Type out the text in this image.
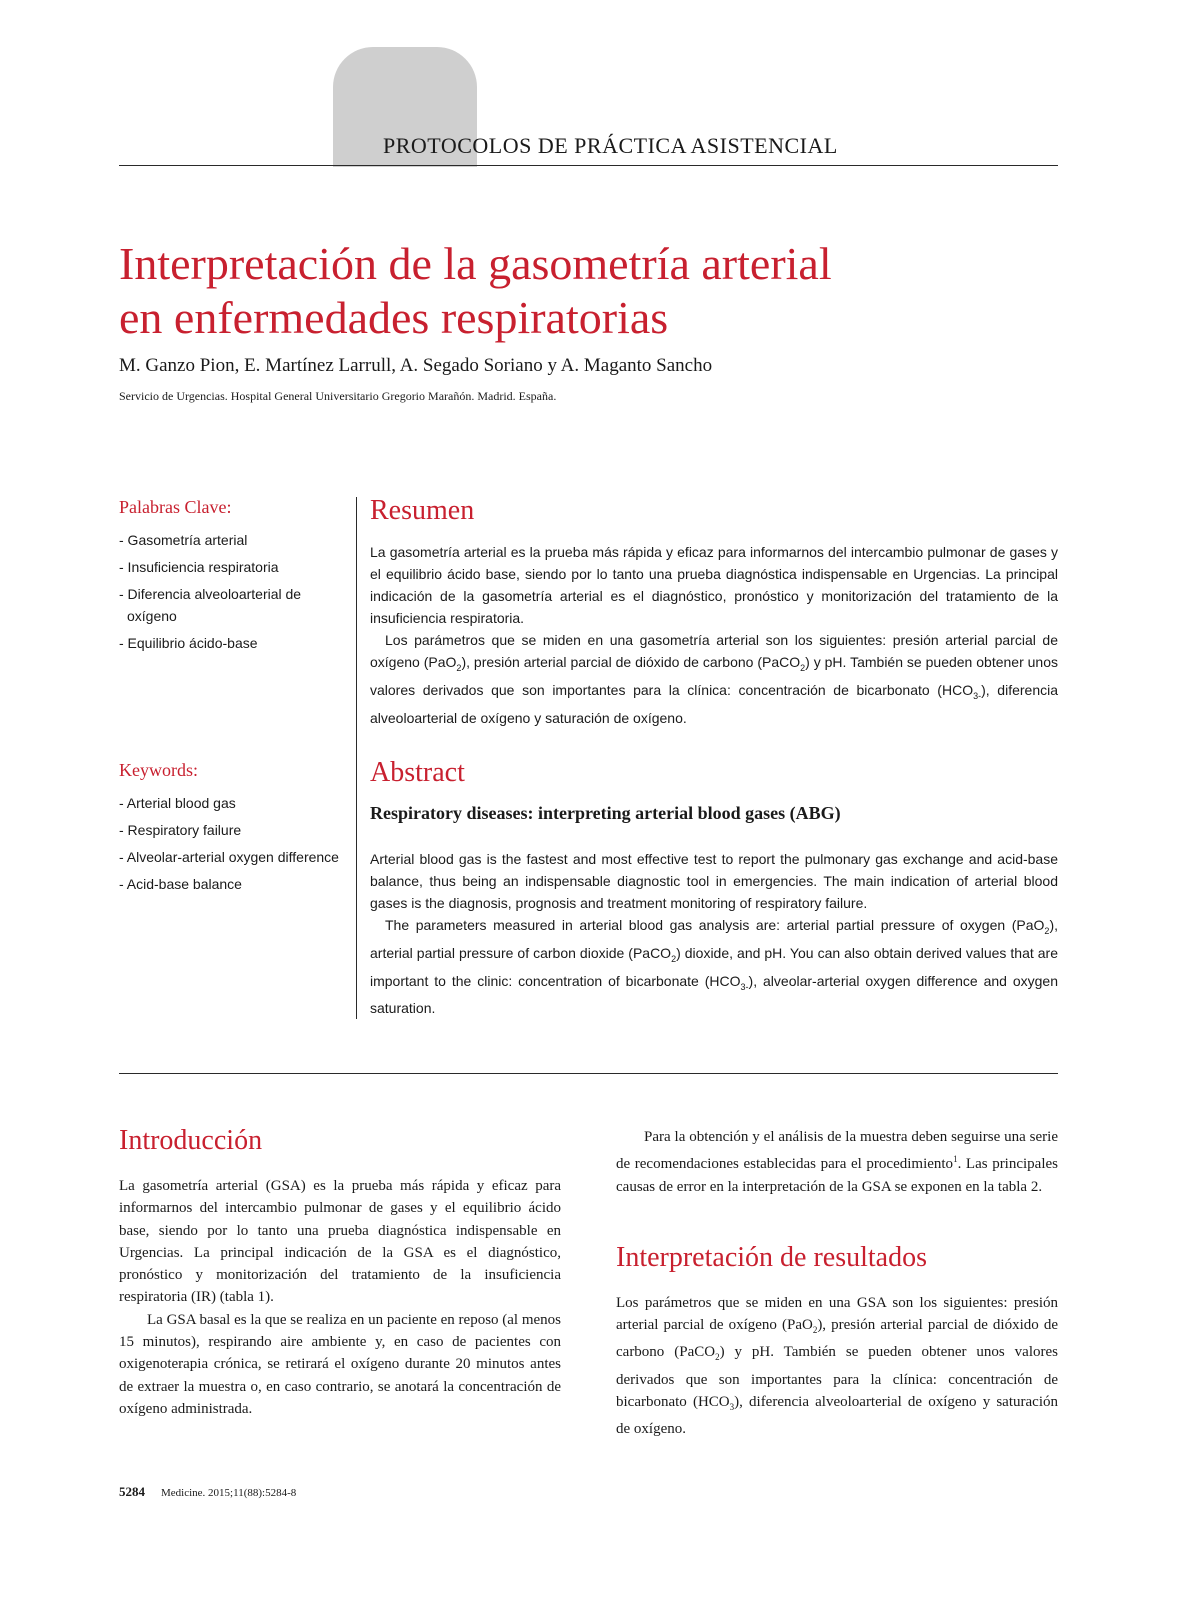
PROTOCOLOS DE PRÁCTICA ASISTENCIAL
Interpretación de la gasometría arterial
en enfermedades respiratorias
M. Ganzo Pion, E. Martínez Larrull, A. Segado Soriano y A. Maganto Sancho
Servicio de Urgencias. Hospital General Universitario Gregorio Marañón. Madrid. España.
Palabras Clave:
- Gasometría arterial
- Insuficiencia respiratoria
- Diferencia alveoloarterial de oxígeno
- Equilibrio ácido-base
Keywords:
- Arterial blood gas
- Respiratory failure
- Alveolar-arterial oxygen difference
- Acid-base balance
Resumen

La gasometría arterial es la prueba más rápida y eficaz para informarnos del intercambio pulmonar de gases y el equilibrio ácido base, siendo por lo tanto una prueba diagnóstica indispensable en Urgencias. La principal indicación de la gasometría arterial es el diagnóstico, pronóstico y monitorización del tratamiento de la insuficiencia respiratoria.

Los parámetros que se miden en una gasometría arterial son los siguientes: presión arterial parcial de oxígeno (PaO$_2$), presión arterial parcial de dióxido de carbono (PaCO$_2$) y pH. También se pueden obtener unos valores derivados que son importantes para la clínica: concentración de bicarbonato $(HCO_{3-})$, diferencia alveoloarterial de oxígeno y saturación de oxígeno.

Abstract
Respiratory diseases: interpreting arterial blood gases (ABG)

Arterial blood gas is the fastest and most effective test to report the pulmonary gas exchange and acid-base balance, thus being an indispensable diagnostic tool in emergencies. The main indication of arterial blood gases is the diagnosis, prognosis and treatment monitoring of respiratory failure.

The parameters measured in arterial blood gas analysis are: arterial partial pressure of oxygen (PaO$_2$), arterial partial pressure of carbon dioxide (PaCO$_2$) dioxide, and pH. You can also obtain derived values that are important to the clinic: concentration of bicarbonate $(HCO_{3-})$, alveolar-arterial oxygen difference and oxygen saturation.

Introducción

La gasometría arterial (GSA) es la prueba más rápida y eficaz para informarnos del intercambio pulmonar de gases y el equilibrio ácido base, siendo por lo tanto una prueba diagnóstica indispensable en Urgencias. La principal indicación de la GSA es el diagnóstico, pronóstico y monitorización del tratamiento de la insuficiencia respiratoria (IR) (tabla 1).

La GSA basal es la que se realiza en un paciente en reposo (al menos 15 minutos), respirando aire ambiente y, en caso de pacientes con oxigenoterapia crónica, se retirará el oxígeno durante 20 minutos antes de extraer la muestra o, en caso contrario, se anotará la concentración de oxígeno administrada.

Para la obtención y el análisis de la muestra deben seguirse una serie de recomendaciones establecidas para el procedimiento$^1$. Las principales causas de error en la interpretación de la GSA se exponen en la tabla 2.

Interpretación de resultados

Los parámetros que se miden en una GSA son los siguientes: presión arterial parcial de oxígeno (PaO$_2$), presión arterial parcial de dióxido de carbono (PaCO$_2$) y pH. También se pueden obtener unos valores derivados que son importantes para la clínica: concentración de bicarbonato $(HCO_3)$, diferencia alveoloarterial de oxígeno y saturación de oxígeno.

5284 Medicine. 2015;11(88):5284-8
